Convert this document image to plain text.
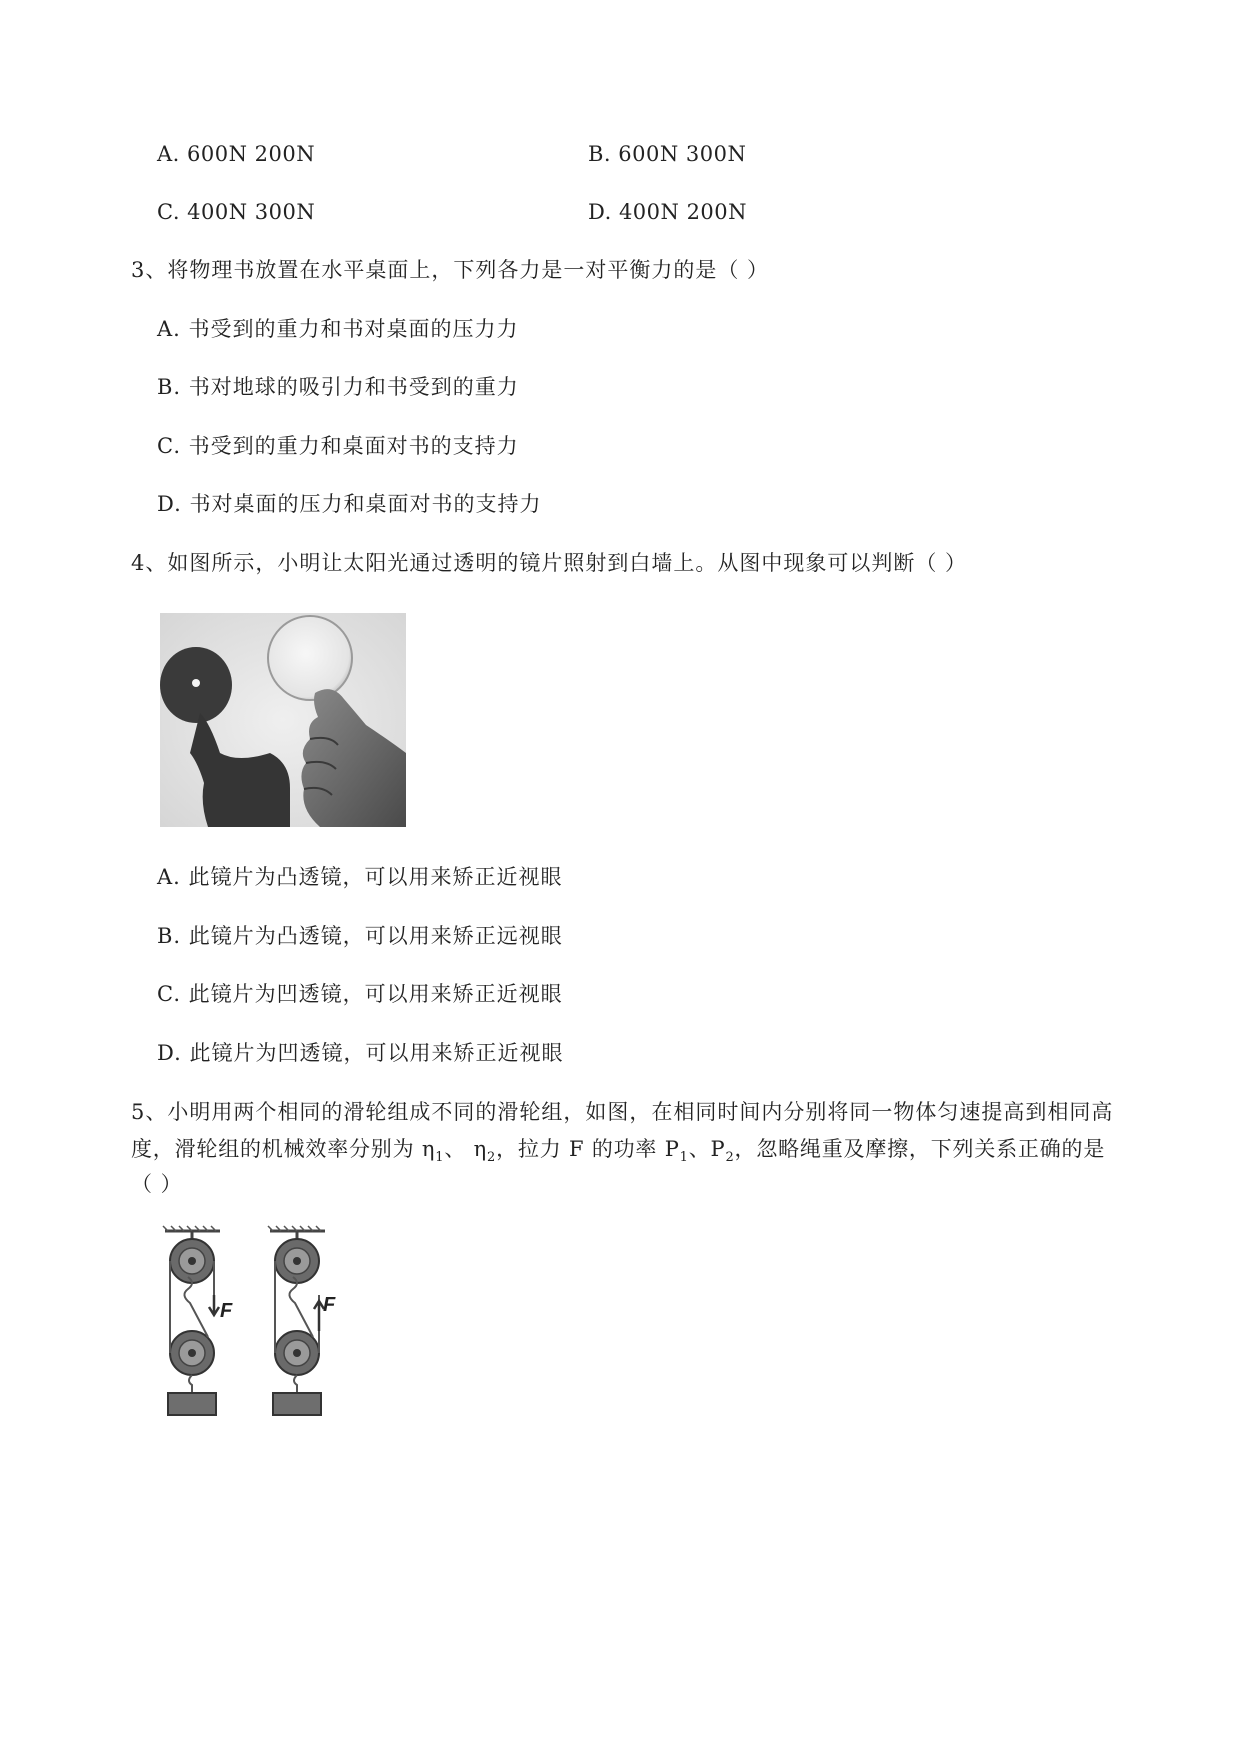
A. 600N 200N	B. 600N 300N
C. 400N 300N	D. 400N 200N
3、将物理书放置在水平桌面上，下列各力是一对平衡力的是（ ）
A. 书受到的重力和书对桌面的压力力
B. 书对地球的吸引力和书受到的重力
C. 书受到的重力和桌面对书的支持力
D. 书对桌面的压力和桌面对书的支持力
4、如图所示，小明让太阳光通过透明的镜片照射到白墙上。从图中现象可以判断（ ）
A. 此镜片为凸透镜，可以用来矫正近视眼
B. 此镜片为凸透镜，可以用来矫正远视眼
C. 此镜片为凹透镜，可以用来矫正近视眼
D. 此镜片为凹透镜，可以用来矫正近视眼
5、小明用两个相同的滑轮组成不同的滑轮组，如图，在相同时间内分别将同一物体匀速提高到相同高
度，滑轮组的机械效率分别为 $\eta_1$、 $\eta_2$，拉力 F 的功率 $P_1$、$P_2$，忽略绳重及摩擦，下列关系正确的是
（ ）
F	F
